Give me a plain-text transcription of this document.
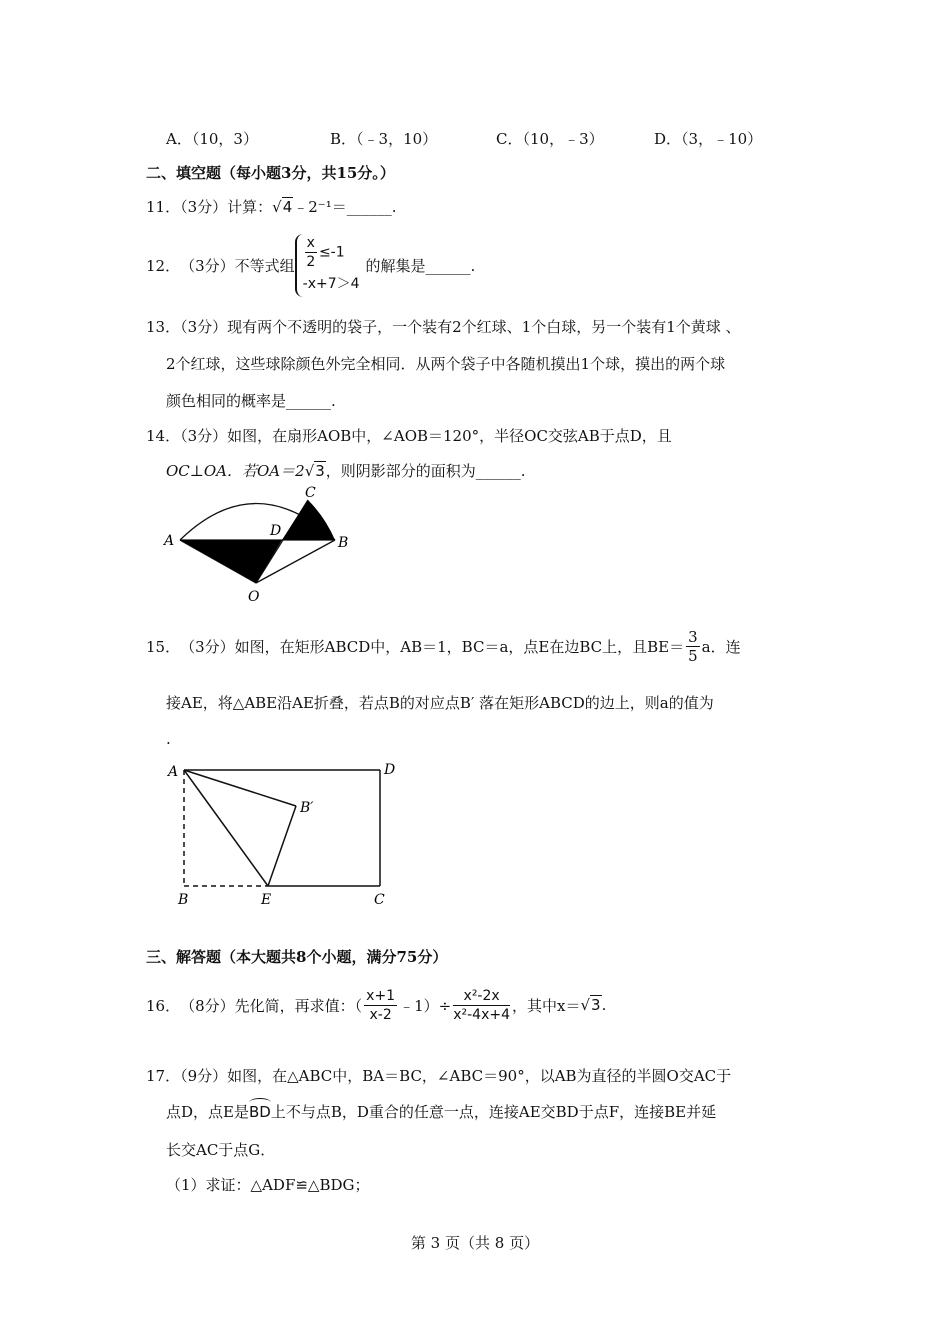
A．（10，3）	B．（﹣3，10）	C．（10，﹣3）	D．（3，﹣10）
二、填空题（每小题3分，共15分。）
11．（3分）计算：√4﹣2⁻¹＝______.
12． （3分） 不等式组 $\frac{x}{2} \le-1$
-x+7＞4
的解集是______.
13．（3分）现有两个不透明的袋子，一个装有2个红球、1个白球，另一个装有1个黄球 、
2个红球，这些球除颜色外完全相同．从两个袋子中各随机摸出1个球，摸出的两个球
颜色相同的概率是______.
14．（3分）如图，在扇形AOB中，∠AOB＝120°，半径OC交弦AB于点D，且
OC⊥OA．若OA＝2√3，则阴影部分的面积为______.
A	B
C
D
O
15． （3分） 如图，在矩形ABCD中，AB＝1，BC＝a，点E在边BC上，且$BE= \frac{3}{5}$ a．连
接AE，将△ABE沿AE折叠，若点B的对应点B′ 落在矩形ABCD的边上，则a的值为
.
A	D
B′
B	E	C
三、解答题（本大题共8个小题，满分75分）
16． （8分） 先化简，再求值：（ $\frac{x+1}{x-2}$ ﹣1）÷ $\frac{\text{x²-2x}}{\text{x²-4x+4}}$ ，其中x＝ √3 .
17．（9分）如图，在△ABC中，BA＝BC，∠ABC＝90°，以AB为直径的半圆O交AC于
点D，点E是
BD上不与点B，D重合的任意一点，连接AE交BD于点F，连接BE并延
长交AC于点G．
（1）求证：△ADF≌△BDG；
第 3 页（共 8 页）
